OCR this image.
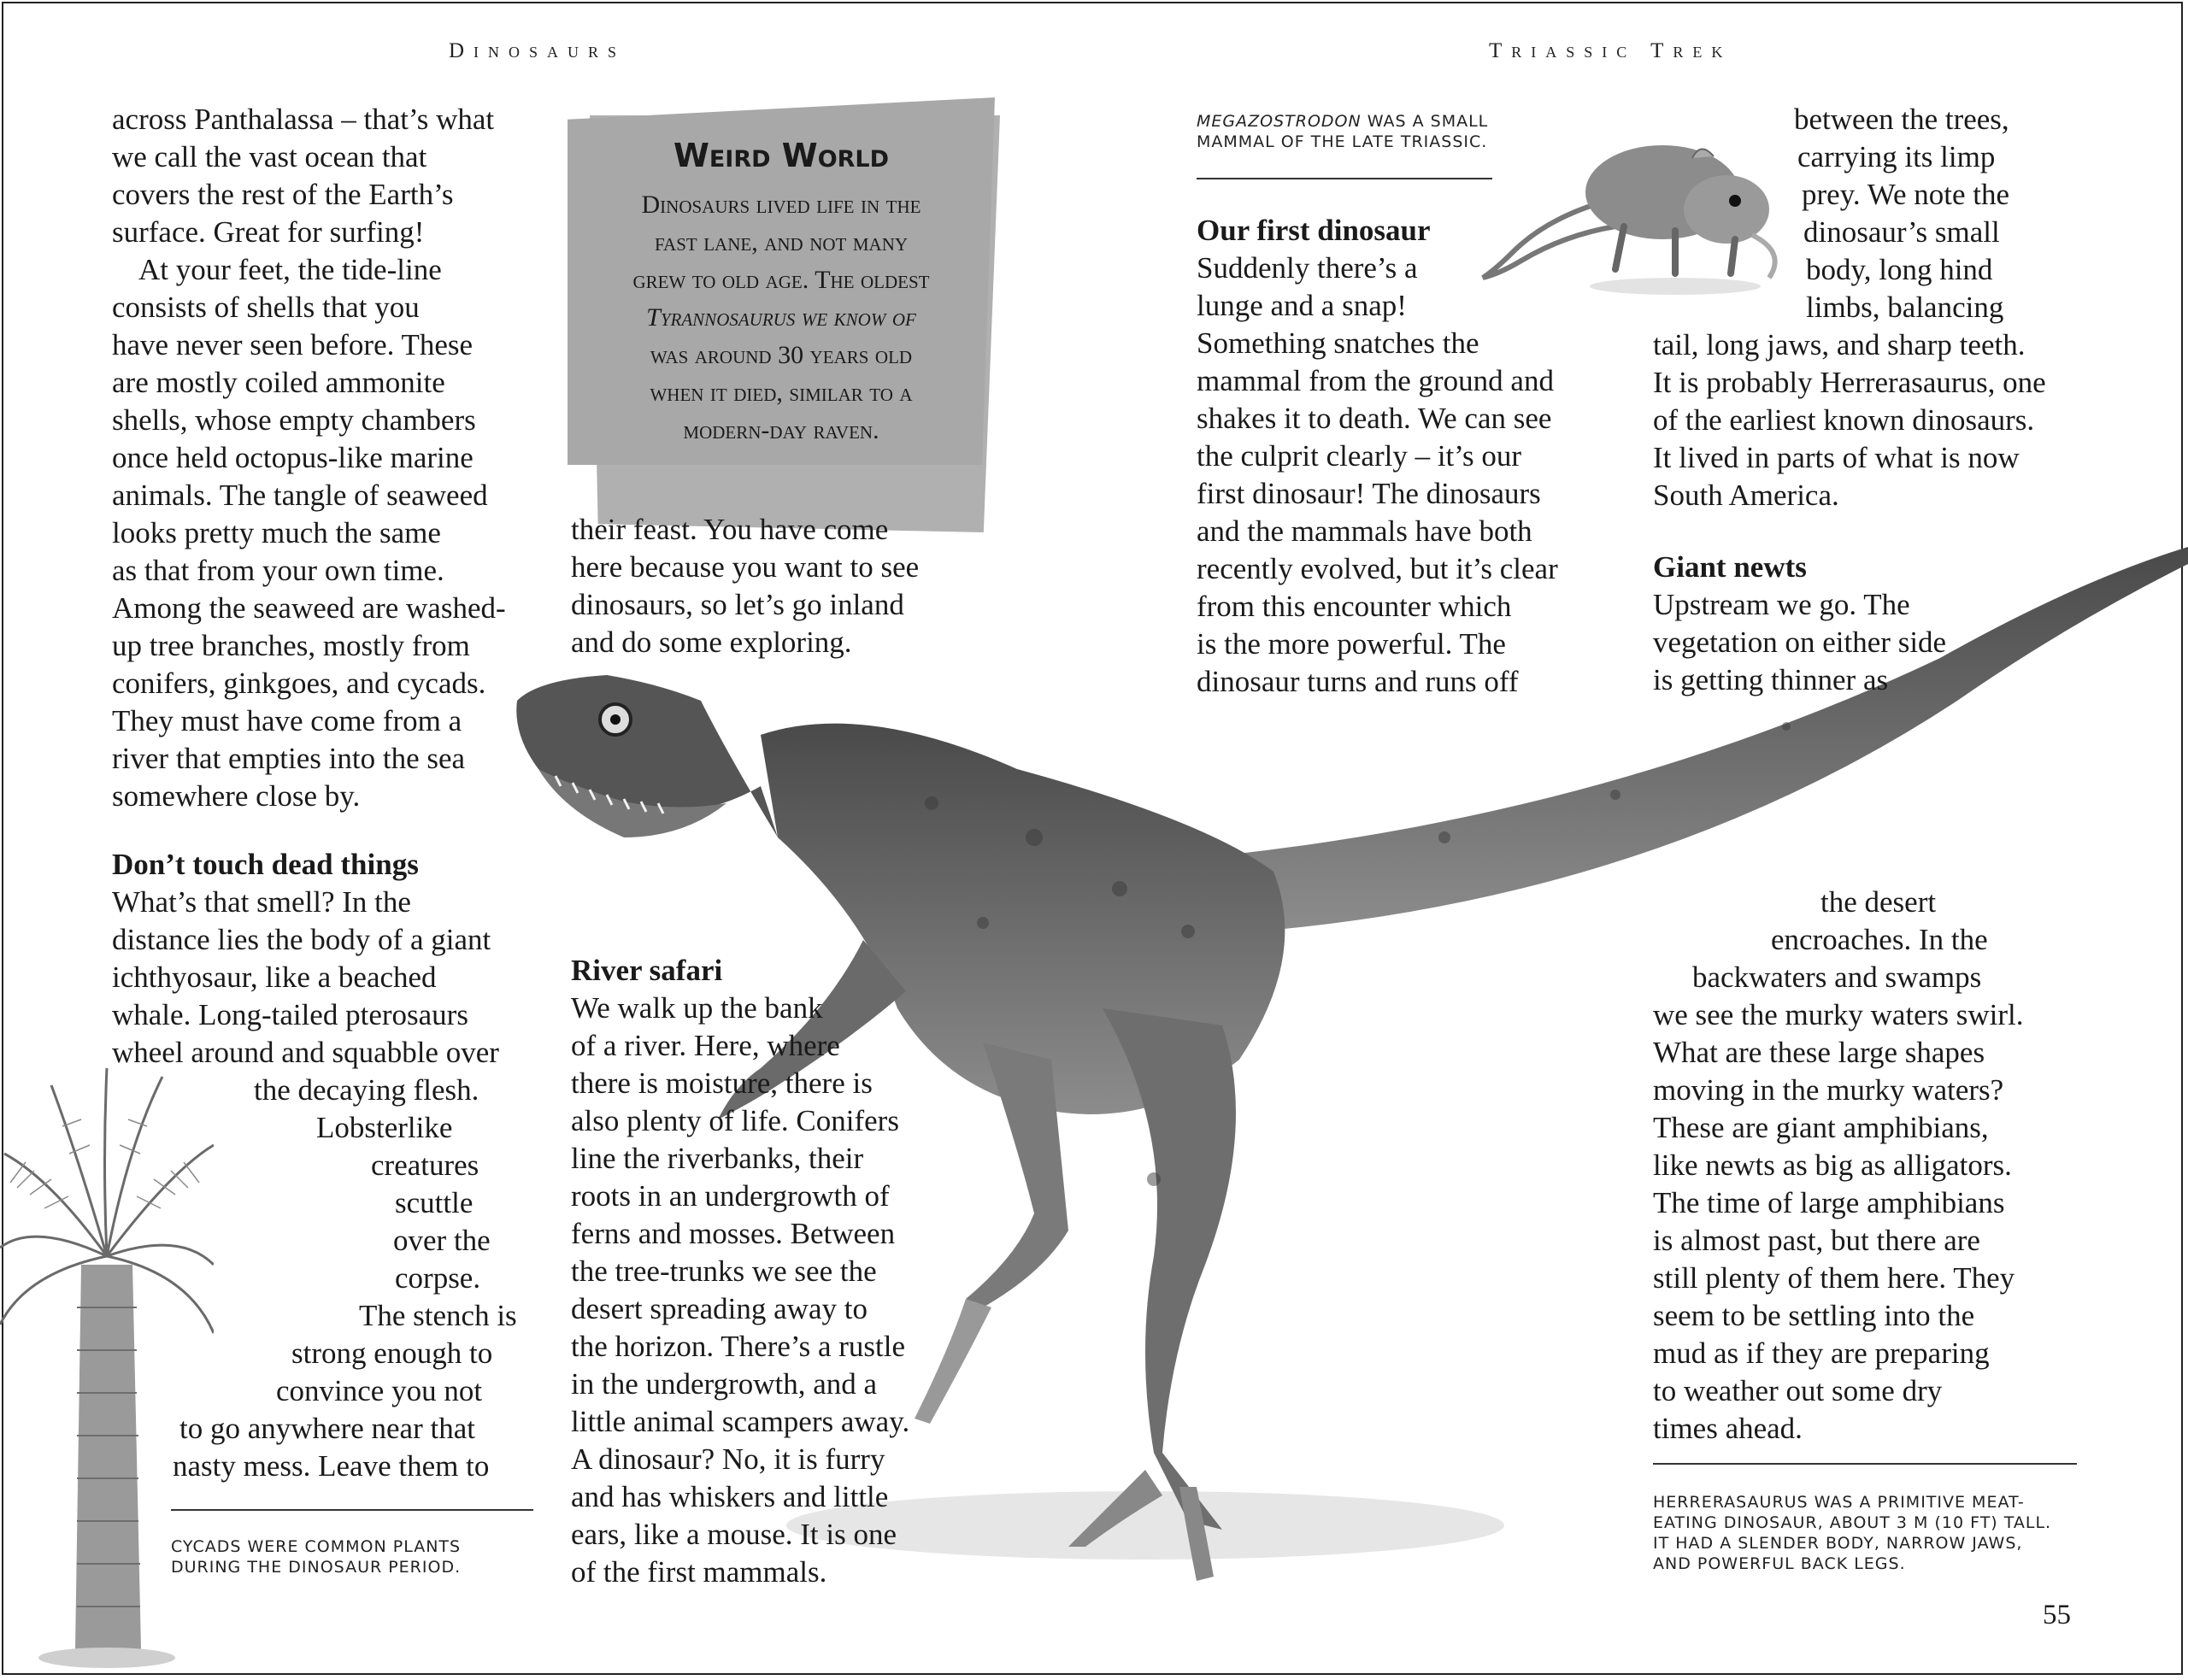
Dinosaurs	Triassic Trek
Weird World
Dinosaurs lived life in the
fast lane, and not many
grew to old age. The oldest
Tyrannosaurus we know of
was around 30 years old
when it died, similar to a
modern-day raven.
across Panthalassa – that’s what
we call the vast ocean that
covers the rest of the Earth’s
surface. Great for surfing!
At your feet, the tide-line
consists of shells that you
have never seen before. These
are mostly coiled ammonite
shells, whose empty chambers
once held octopus-like marine
animals. The tangle of seaweed
looks pretty much the same
as that from your own time.
Among the seaweed are washed-
up tree branches, mostly from
conifers, ginkgoes, and cycads.
They must have come from a
river that empties into the sea
somewhere close by.
Don’t touch dead things
What’s that smell? In the
distance lies the body of a giant
ichthyosaur, like a beached
whale. Long-tailed pterosaurs
wheel around and squabble over
the decaying flesh.
Lobsterlike
creatures
scuttle
over the
corpse.
The stench is
strong enough to
convince you not
to go anywhere near that
nasty mess. Leave them to
CYCADS WERE COMMON PLANTS
DURING THE DINOSAUR PERIOD.
their feast. You have come
here because you want to see
dinosaurs, so let’s go inland
and do some exploring.
River safari
We walk up the bank
of a river. Here, where
there is moisture, there is
also plenty of life. Conifers
line the riverbanks, their
roots in an undergrowth of
ferns and mosses. Between
the tree-trunks we see the
desert spreading away to
the horizon. There’s a rustle
in the undergrowth, and a
little animal scampers away.
A dinosaur? No, it is furry
and has whiskers and little
ears, like a mouse. It is one
of the first mammals.
MEGAZOSTRODON WAS A SMALL
MAMMAL OF THE LATE TRIASSIC.
Our first dinosaur
Suddenly there’s a
lunge and a snap!
Something snatches the
mammal from the ground and
shakes it to death. We can see
the culprit clearly – it’s our
first dinosaur! The dinosaurs
and the mammals have both
recently evolved, but it’s clear
from this encounter which
is the more powerful. The
dinosaur turns and runs off
between the trees,
carrying its limp
prey. We note the
dinosaur’s small
body, long hind
limbs, balancing
tail, long jaws, and sharp teeth.
It is probably Herrerasaurus, one
of the earliest known dinosaurs.
It lived in parts of what is now
South America.
Giant newts
Upstream we go. The
vegetation on either side
is getting thinner as
the desert
encroaches. In the
backwaters and swamps
we see the murky waters swirl.
What are these large shapes
moving in the murky waters?
These are giant amphibians,
like newts as big as alligators.
The time of large amphibians
is almost past, but there are
still plenty of them here. They
seem to be settling into the
mud as if they are preparing
to weather out some dry
times ahead.
HERRERASAURUS WAS A PRIMITIVE MEAT-
EATING DINOSAUR, ABOUT 3 M (10 FT) TALL.
IT HAD A SLENDER BODY, NARROW JAWS,
AND POWERFUL BACK LEGS.
55
